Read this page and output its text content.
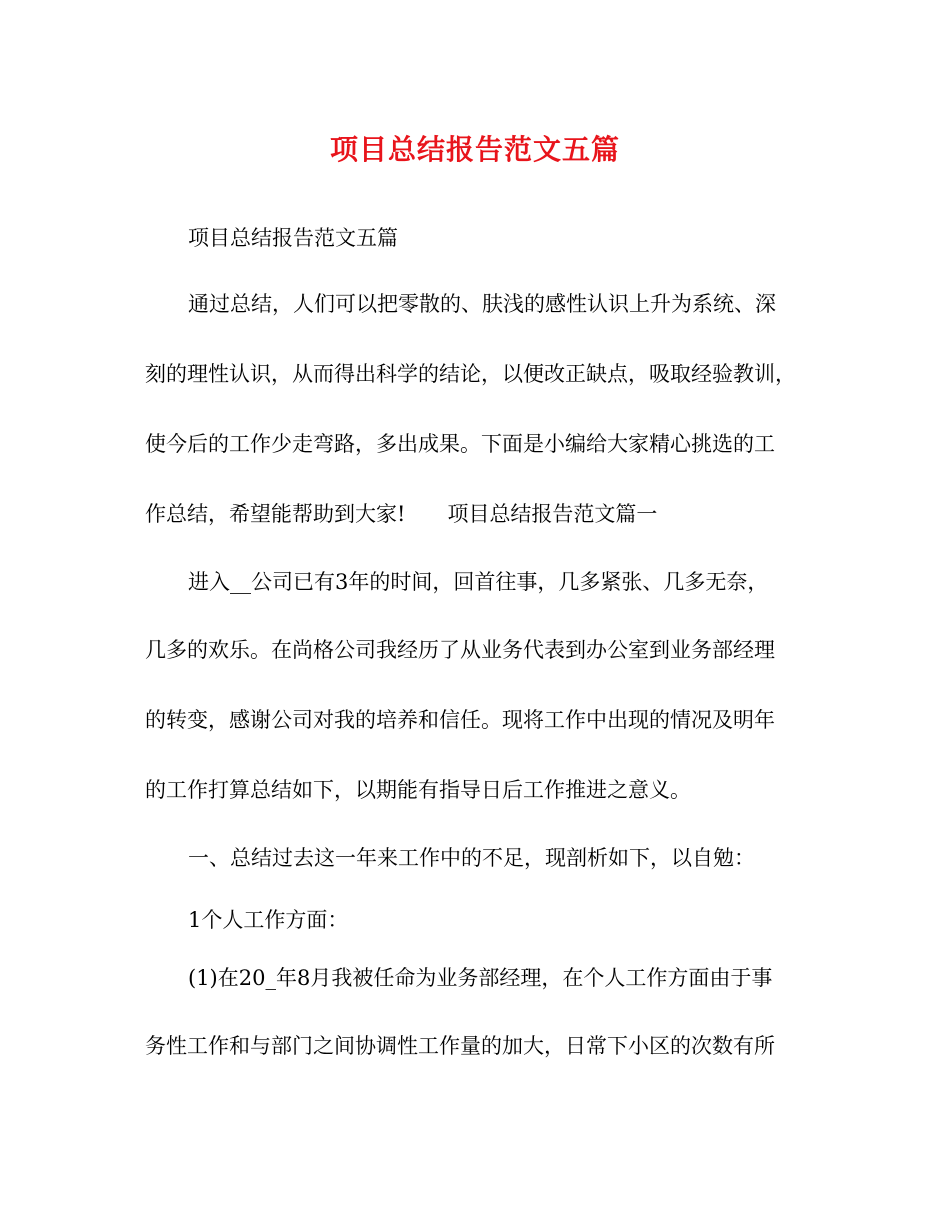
项目总结报告范文五篇
项目总结报告范文五篇
通过总结，人们可以把零散的、肤浅的感性认识上升为系统、深
刻的理性认识，从而得出科学的结论，以便改正缺点，吸取经验教训，
使今后的工作少走弯路，多出成果。下面是小编给大家精心挑选的工
作总结，希望能帮助到大家!　　项目总结报告范文篇一
进入__公司已有3年的时间，回首往事，几多紧张、几多无奈，
几多的欢乐。在尚格公司我经历了从业务代表到办公室到业务部经理
的转变，感谢公司对我的培养和信任。现将工作中出现的情况及明年
的工作打算总结如下，以期能有指导日后工作推进之意义。
一、总结过去这一年来工作中的不足，现剖析如下，以自勉：
1个人工作方面：
(1)在20_年8月我被任命为业务部经理，在个人工作方面由于事
务性工作和与部门之间协调性工作量的加大，日常下小区的次数有所
